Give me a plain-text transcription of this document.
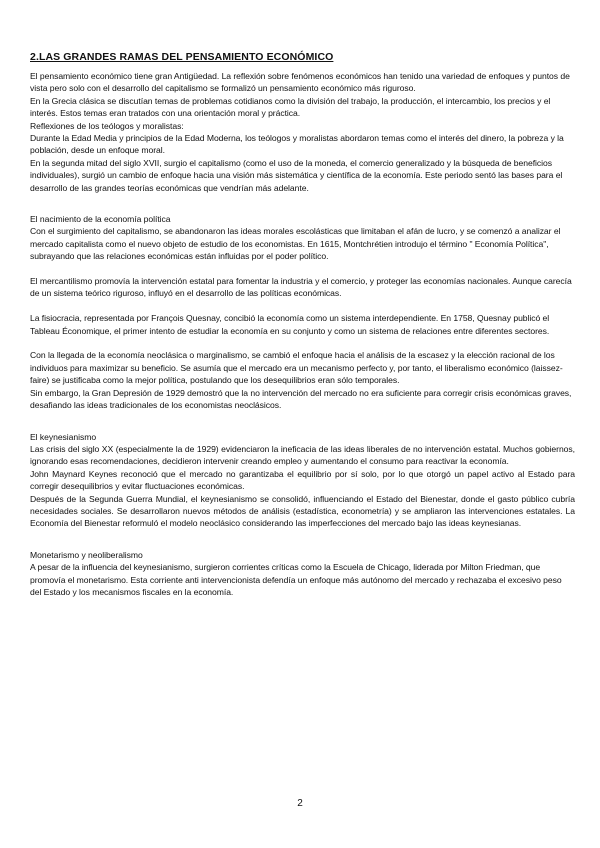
2.LAS GRANDES RAMAS DEL PENSAMIENTO ECONÓMICO

El pensamiento económico tiene gran Antigüedad. La reflexión sobre fenómenos económicos han tenido una variedad de enfoques y puntos de vista pero solo con el desarrollo del capitalismo se formalizó un pensamiento económico más riguroso.

En la Grecia clásica se discutían temas de problemas cotidianos como la división del trabajo, la producción, el intercambio, los precios y el interés. Estos temas eran tratados con una orientación moral y práctica.

Reflexiones de los teólogos y moralistas:

Durante la Edad Media y principios de la Edad Moderna, los teólogos y moralistas abordaron temas como el interés del dinero, la pobreza y la población, desde un enfoque moral.

En la segunda mitad del siglo XVII, surgio el capitalismo (como el uso de la moneda, el comercio generalizado y la búsqueda de beneficios individuales), surgió un cambio de enfoque hacia una visión más sistemática y científica de la economía. Este periodo sentó las bases para el desarrollo de las grandes teorías económicas que vendrían más adelante.

El nacimiento de la economía política

Con el surgimiento del capitalismo, se abandonaron las ideas morales escolásticas que limitaban el afán de lucro, y se comenzó a analizar el mercado capitalista como el nuevo objeto de estudio de los economistas. En 1615, Montchrétien introdujo el término " Economía Política", subrayando que las relaciones económicas están influidas por el poder político.

El mercantilismo promovía la intervención estatal para fomentar la industria y el comercio, y proteger las economías nacionales. Aunque carecía de un sistema teórico riguroso, influyó en el desarrollo de las políticas económicas.

La fisiocracia, representada por François Quesnay, concibió la economía como un sistema interdependiente. En 1758, Quesnay publicó el Tableau Économique, el primer intento de estudiar la economía en su conjunto y como un sistema de relaciones entre diferentes sectores.

Con la llegada de la economía neoclásica o marginalismo, se cambió el enfoque hacia el análisis de la escasez y la elección racional de los individuos para maximizar su beneficio. Se asumía que el mercado era un mecanismo perfecto y, por tanto, el liberalismo económico (laissez-faire) se justificaba como la mejor política, postulando que los desequilibrios eran sólo temporales.

Sin embargo, la Gran Depresión de 1929 demostró que la no intervención del mercado no era suficiente para corregir crisis económicas graves, desafiando las ideas tradicionales de los economistas neoclásicos.

El keynesianismo

Las crisis del siglo XX (especialmente la de 1929) evidenciaron la ineficacia de las ideas liberales de no intervención estatal. Muchos gobiernos, ignorando esas recomendaciones, decidieron intervenir creando empleo y aumentando el consumo para reactivar la economía.

John Maynard Keynes reconoció que el mercado no garantizaba el equilibrio por sí solo, por lo que otorgó un papel activo al Estado para corregir desequilibrios y evitar fluctuaciones económicas.

Después de la Segunda Guerra Mundial, el keynesianismo se consolidó, influenciando el Estado del Bienestar, donde el gasto público cubría necesidades sociales. Se desarrollaron nuevos métodos de análisis (estadística, econometría) y se ampliaron las intervenciones estatales. La Economía del Bienestar reformuló el modelo neoclásico considerando las imperfecciones del mercado bajo las ideas keynesianas.

Monetarismo y neoliberalismo

A pesar de la influencia del keynesianismo, surgieron corrientes críticas como la Escuela de Chicago, liderada por Milton Friedman, que promovía el monetarismo. Esta corriente anti intervencionista defendía un enfoque más autónomo del mercado y rechazaba el excesivo peso del Estado y los mecanismos fiscales en la economía.

2
